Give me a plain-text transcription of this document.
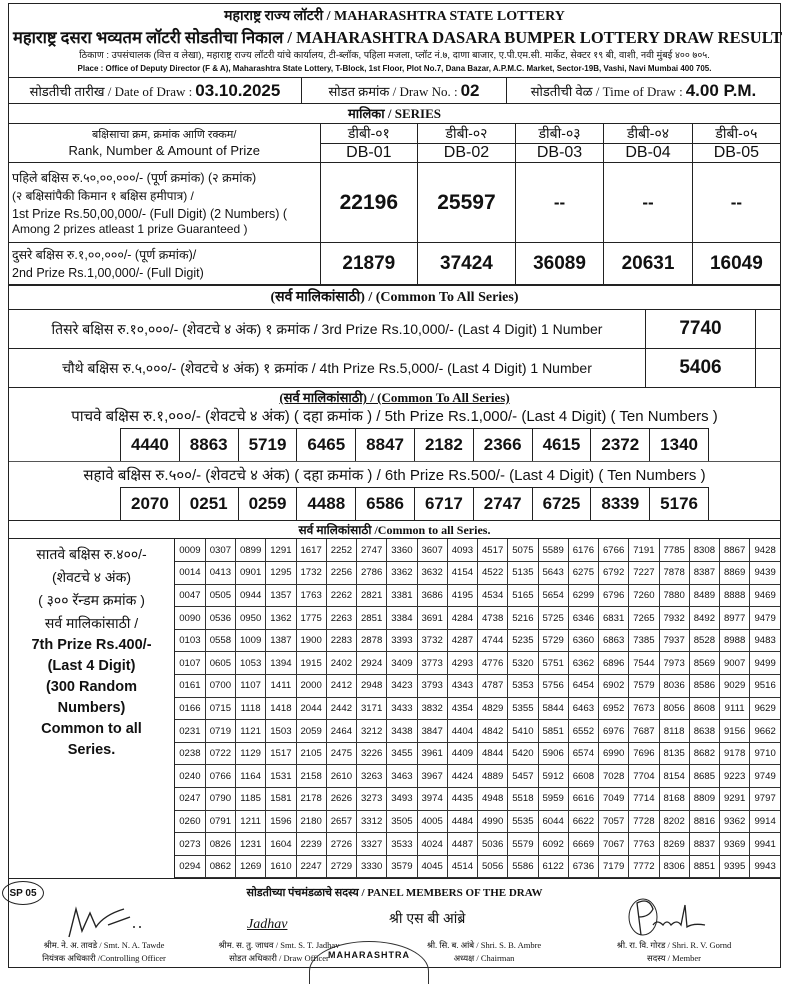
महाराष्ट्र राज्य लॉटरी / MAHARASHTRA STATE LOTTERY
महाराष्ट्र दसरा भव्यतम लॉटरी सोडतीचा निकाल / MAHARASHTRA DASARA BUMPER LOTTERY DRAW RESULT
ठिकाण : उपसंचालक (वित्त व लेखा), महाराष्ट्र राज्य लॉटरी यांचे कार्यालय, टी-ब्लॉक, पहिला मजला, प्लॉट नं.७, दाणा बाजार, ए.पी.एम.सी. मार्केट, सेक्टर १९ बी, वाशी, नवी मुंबई ४०० ७०५.
Place : Office of Deputy Director (F & A), Maharashtra State Lottery, T-Block, 1st Floor, Plot No.7, Dana Bazar, A.P.M.C. Market, Sector-19B, Vashi, Navi Mumbai 400 705.
सोडतीची तारीख / Date of Draw : 03.10.2025	सोडत क्रमांक / Draw No. : 02	सोडतीची वेळ / Time of Draw : 4.00 P.M.
मालिका / SERIES
बक्षिसाचा क्रम, क्रमांक आणि रक्कम/
Rank, Number & Amount of Prize	डीबी-०१	डीबी-०२	डीबी-०३	डीबी-०४	डीबी-०५
	DB-01	DB-02	DB-03	DB-04	DB-05

पहिले बक्षिस रु.५०,००,०००/- (पूर्ण क्रमांक) (२ क्रमांक)
(२ बक्षिसांपैकी किमान १ बक्षिस हमीपात्र) /
1st Prize Rs.50,00,000/- (Full Digit) (2 Numbers) (
Among 2 prizes atleast 1 prize Guaranteed )	22196	25597	--	--	--

दुसरे बक्षिस रु.१,००,०००/- (पूर्ण क्रमांक)/
2nd Prize Rs.1,00,000/- (Full Digit)	21879	37424	36089	20631	16049
(सर्व मालिकांसाठी) / (Common To All Series)
तिसरे बक्षिस रु.१०,०००/- (शेवटचे ४ अंक) १ क्रमांक / 3rd Prize Rs.10,000/- (Last 4 Digit) 1 Number	7740
चौथे बक्षिस रु.५,०००/- (शेवटचे ४ अंक) १ क्रमांक / 4th Prize Rs.5,000/- (Last 4 Digit) 1 Number	5406
(सर्व मालिकांसाठी) / (Common To All Series)
पाचवे बक्षिस रु.१,०००/- (शेवटचे ४ अंक) ( दहा क्रमांक ) / 5th Prize Rs.1,000/- (Last 4 Digit) ( Ten Numbers )
4440	8863	5719	6465	8847	2182	2366	4615	2372	1340
सहावे बक्षिस रु.५००/- (शेवटचे ४ अंक) ( दहा क्रमांक ) / 6th Prize Rs.500/- (Last 4 Digit) ( Ten Numbers )
2070	0251	0259	4488	6586	6717	2747	6725	8339	5176
सर्व मालिकांसाठी /Common to all Series.
सातवे बक्षिस रु.४००/-
(शेवटचे ४ अंक)
( ३०० रॅन्डम क्रमांक )
सर्व मालिकांसाठी /
7th Prize Rs.400/-
(Last 4 Digit)
(300 Random
Numbers)
Common to all
Series.
0009	0307	0899	1291	1617	2252	2747	3360	3607	4093	4517	5075	5589	6176	6766	7191	7785	8308	8867	9428
0014	0413	0901	1295	1732	2256	2786	3362	3632	4154	4522	5135	5643	6275	6792	7227	7878	8387	8869	9439
0047	0505	0944	1357	1763	2262	2821	3381	3686	4195	4534	5165	5654	6299	6796	7260	7880	8489	8888	9469
0090	0536	0950	1362	1775	2263	2851	3384	3691	4284	4738	5216	5725	6346	6831	7265	7932	8492	8977	9479
0103	0558	1009	1387	1900	2283	2878	3393	3732	4287	4744	5235	5729	6360	6863	7385	7937	8528	8988	9483
0107	0605	1053	1394	1915	2402	2924	3409	3773	4293	4776	5320	5751	6362	6896	7544	7973	8569	9007	9499
0161	0700	1107	1411	2000	2412	2948	3423	3793	4343	4787	5353	5756	6454	6902	7579	8036	8586	9029	9516
0166	0715	1118	1418	2044	2442	3171	3433	3832	4354	4829	5355	5844	6463	6952	7673	8056	8608	9111	9629
0231	0719	1121	1503	2059	2464	3212	3438	3847	4404	4842	5410	5851	6552	6976	7687	8118	8638	9156	9662
0238	0722	1129	1517	2105	2475	3226	3455	3961	4409	4844	5420	5906	6574	6990	7696	8135	8682	9178	9710
0240	0766	1164	1531	2158	2610	3263	3463	3967	4424	4889	5457	5912	6608	7028	7704	8154	8685	9223	9749
0247	0790	1185	1581	2178	2626	3273	3493	3974	4435	4948	5518	5959	6616	7049	7714	8168	8809	9291	9797
0260	0791	1211	1596	2180	2657	3312	3505	4005	4484	4990	5535	6044	6622	7057	7728	8202	8816	9362	9914
0273	0826	1231	1604	2239	2726	3327	3533	4024	4487	5036	5579	6092	6669	7067	7763	8269	8837	9369	9941
0294	0862	1269	1610	2247	2729	3330	3579	4045	4514	5056	5586	6122	6736	7179	7772	8306	8851	9395	9943
SP 05	सोडतीच्या पंचमंडळाचे सदस्य / PANEL MEMBERS OF THE DRAW
Jadhav	श्री एस बी आंब्रे
MAHARASHTRA
श्रीम. ने. अ. तावडे / Smt. N. A. Tawde
नियंत्रक अधिकारी /Controlling Officer
श्रीम. स. तु. जाधव / Smt. S. T. Jadhav
सोडत अधिकारी / Draw Officer
श्री. सि. ब. आंबे / Shri. S. B. Ambre
अध्यक्ष / Chairman
श्री. रा. वि. गोरड / Shri. R. V. Gornd
सदस्य / Member
